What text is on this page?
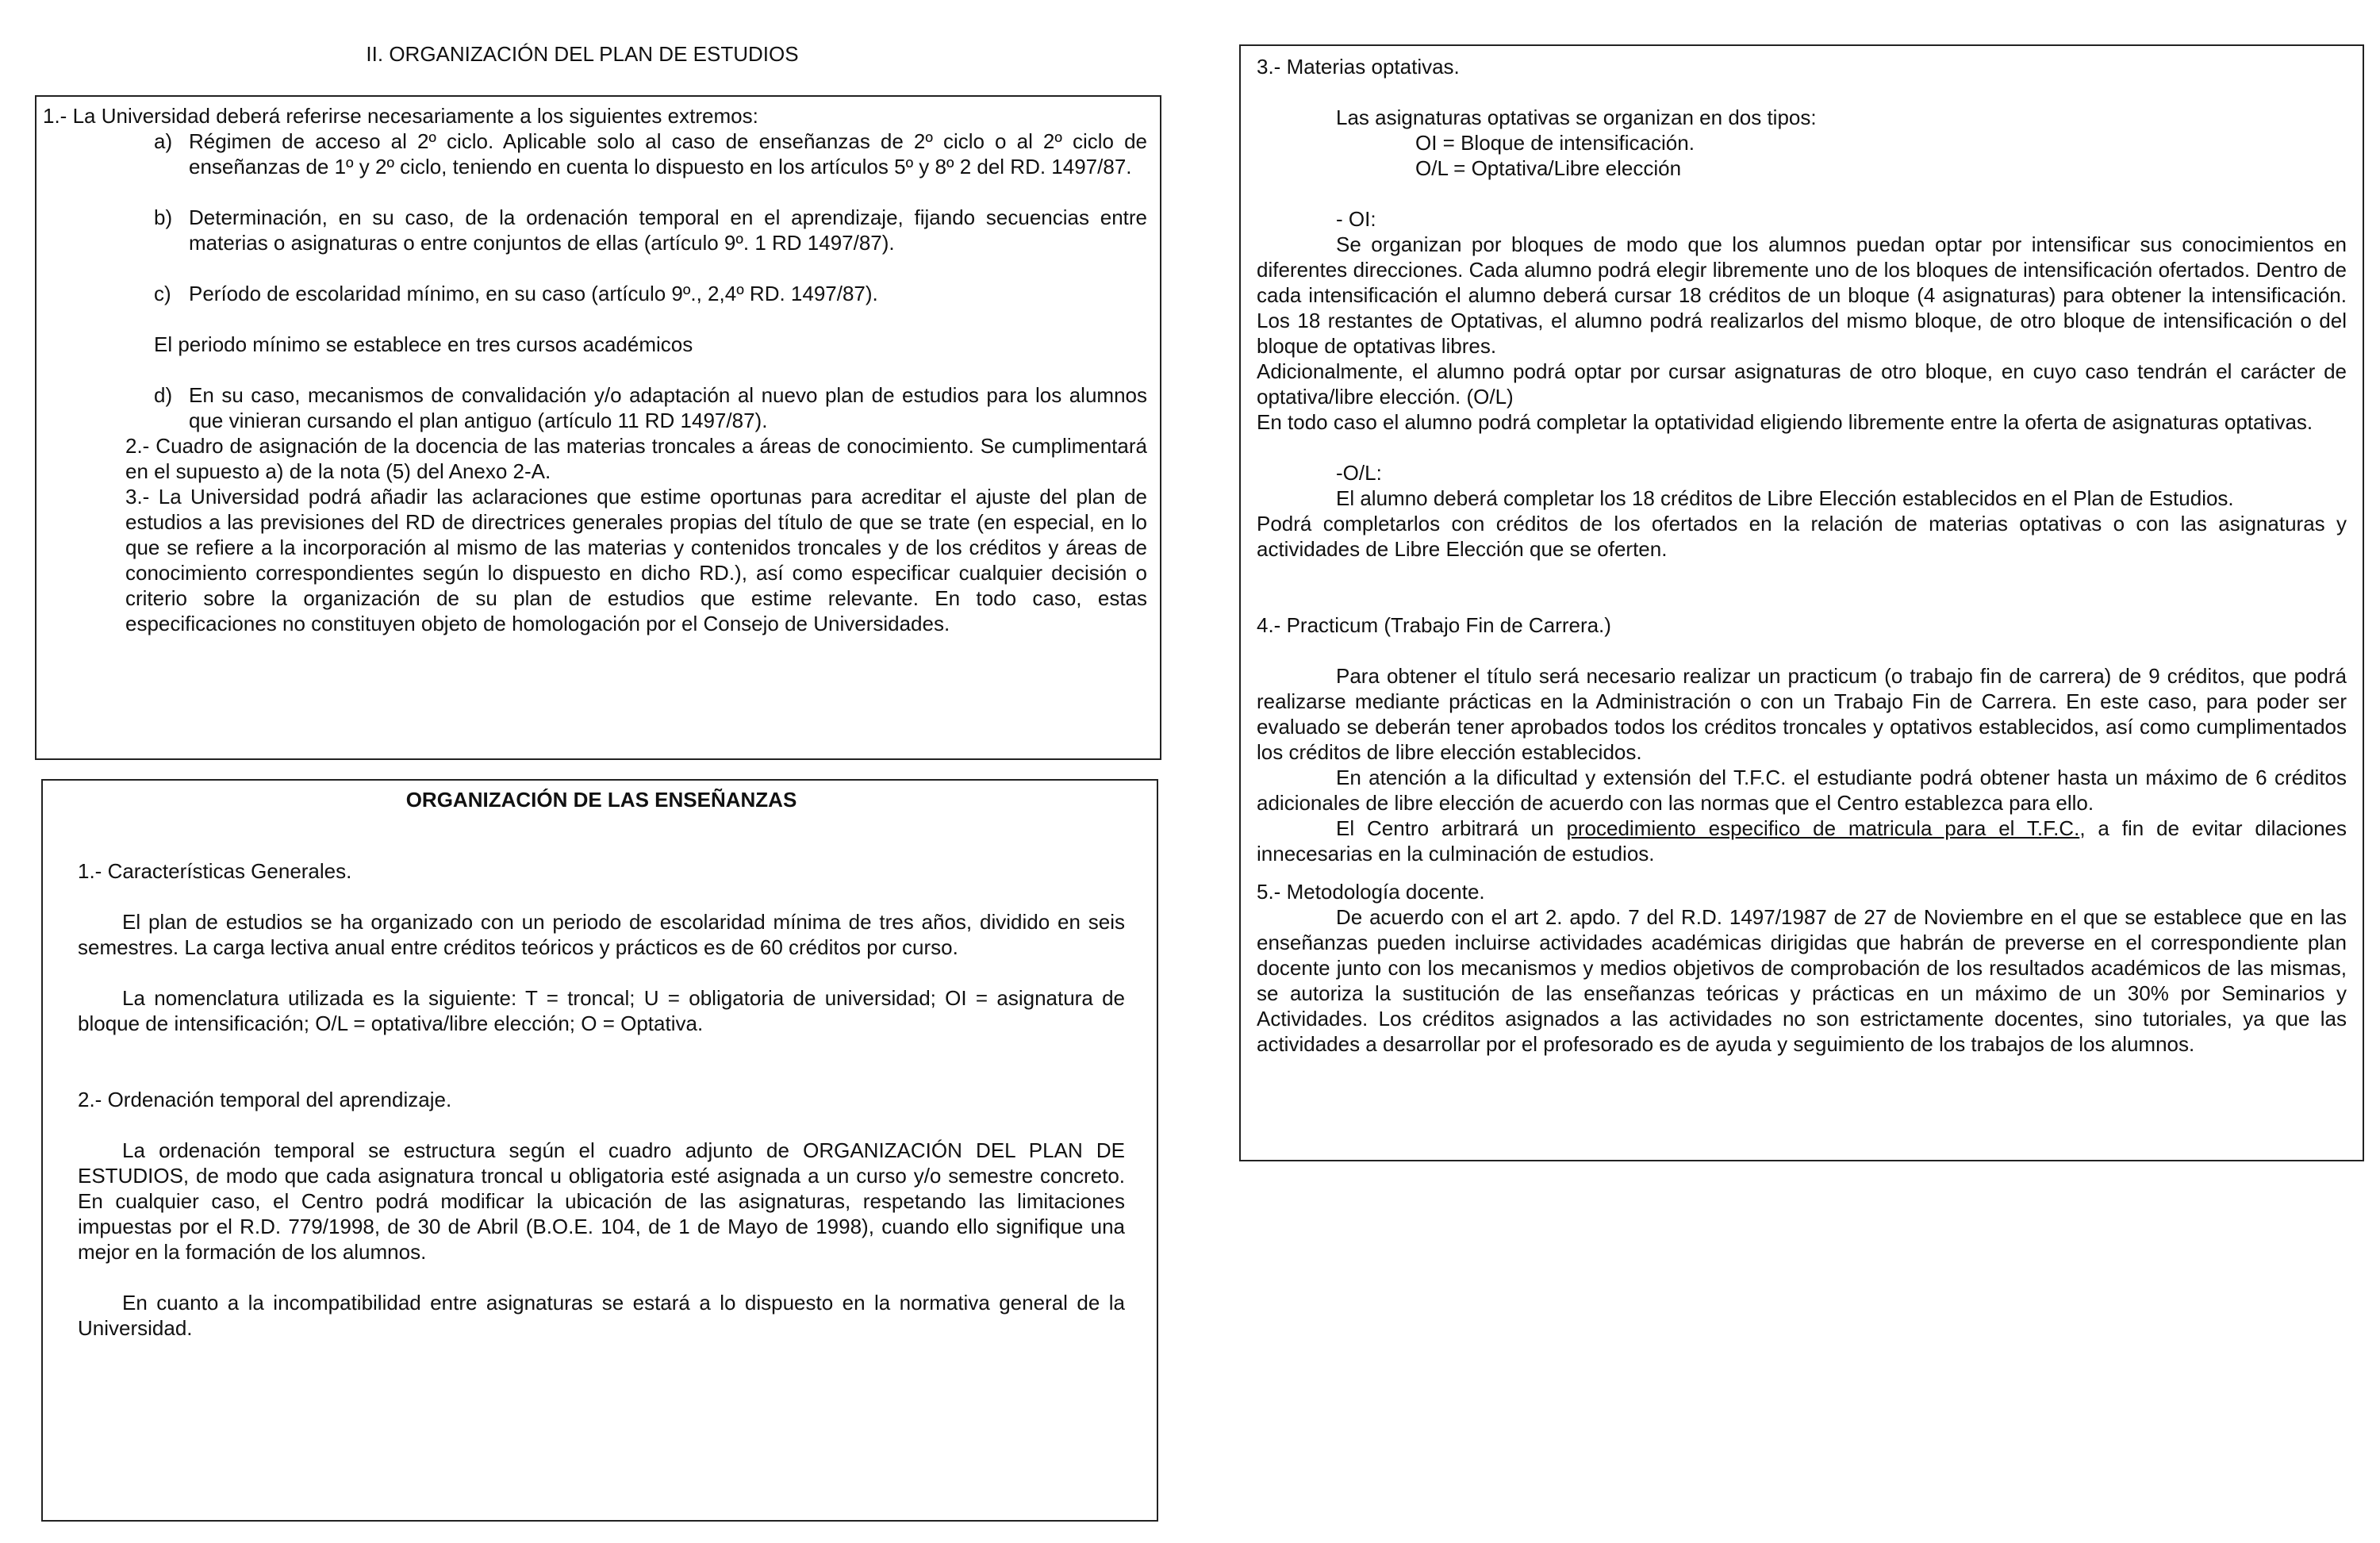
II. ORGANIZACIÓN DEL PLAN DE ESTUDIOS

1.- La Universidad deberá referirse necesariamente a los siguientes extremos:

a) Régimen de acceso al 2º ciclo. Aplicable solo al caso de enseñanzas de 2º ciclo o al 2º ciclo de enseñanzas de 1º y 2º ciclo, teniendo en cuenta lo dispuesto en los artículos 5º y 8º 2 del RD. 1497/87.
b) Determinación, en su caso, de la ordenación temporal en el aprendizaje, fijando secuencias entre materias o asignaturas o entre conjuntos de ellas (artículo 9º. 1 RD 1497/87).
c) Período de escolaridad mínimo, en su caso (artículo 9º., 2,4º RD. 1497/87).

El periodo mínimo se establece en tres cursos académicos

d) En su caso, mecanismos de convalidación y/o adaptación al nuevo plan de estudios para los alumnos que vinieran cursando el plan antiguo (artículo 11 RD 1497/87).

2.- Cuadro de asignación de la docencia de las materias troncales a áreas de conocimiento. Se cumplimentará en el supuesto a) de la nota (5) del Anexo 2-A.

3.- La Universidad podrá añadir las aclaraciones que estime oportunas para acreditar el ajuste del plan de estudios a las previsiones del RD de directrices generales propias del título de que se trate (en especial, en lo que se refiere a la incorporación al mismo de las materias y contenidos troncales y de los créditos y áreas de conocimiento correspondientes según lo dispuesto en dicho RD.), así como especificar cualquier decisión o criterio sobre la organización de su plan de estudios que estime relevante. En todo caso, estas especificaciones no constituyen objeto de homologación por el Consejo de Universidades.

ORGANIZACIÓN DE LAS ENSEÑANZAS

1.- Características Generales.

El plan de estudios se ha organizado con un periodo de escolaridad mínima de tres años, dividido en seis semestres. La carga lectiva anual entre créditos teóricos y prácticos es de 60 créditos por curso.

La nomenclatura utilizada es la siguiente: T = troncal; U = obligatoria de universidad; OI = asignatura de bloque de intensificación; O/L = optativa/libre elección; O = Optativa.

2.- Ordenación temporal del aprendizaje.

La ordenación temporal se estructura según el cuadro adjunto de ORGANIZACIÓN DEL PLAN DE ESTUDIOS, de modo que cada asignatura troncal u obligatoria esté asignada a un curso y/o semestre concreto. En cualquier caso, el Centro podrá modificar la ubicación de las asignaturas, respetando las limitaciones impuestas por el R.D. 779/1998, de 30 de Abril (B.O.E. 104, de 1 de Mayo de 1998), cuando ello signifique una mejor en la formación de los alumnos.

En cuanto a la incompatibilidad entre asignaturas se estará a lo dispuesto en la normativa general de la Universidad.

3.- Materias optativas.

Las asignaturas optativas se organizan en dos tipos:

OI = Bloque de intensificación.

O/L = Optativa/Libre elección

- OI:

Se organizan por bloques de modo que los alumnos puedan optar por intensificar sus conocimientos en diferentes direcciones. Cada alumno podrá elegir libremente uno de los bloques de intensificación ofertados. Dentro de cada intensificación el alumno deberá cursar 18 créditos de un bloque (4 asignaturas) para obtener la intensificación. Los 18 restantes de Optativas, el alumno podrá realizarlos del mismo bloque, de otro bloque de intensificación o del bloque de optativas libres.

Adicionalmente, el alumno podrá optar por cursar asignaturas de otro bloque, en cuyo caso tendrán el carácter de optativa/libre elección. (O/L)

En todo caso el alumno podrá completar la optatividad eligiendo libremente entre la oferta de asignaturas optativas.

-O/L:

El alumno deberá completar los 18 créditos de Libre Elección establecidos en el Plan de Estudios.

Podrá completarlos con créditos de los ofertados en la relación de materias optativas o con las asignaturas y actividades de Libre Elección que se oferten.

4.- Practicum (Trabajo Fin de Carrera.)

Para obtener el título será necesario realizar un practicum (o trabajo fin de carrera) de 9 créditos, que podrá realizarse mediante prácticas en la Administración o con un Trabajo Fin de Carrera. En este caso, para poder ser evaluado se deberán tener aprobados todos los créditos troncales y optativos establecidos, así como cumplimentados los créditos de libre elección establecidos.

En atención a la dificultad y extensión del T.F.C. el estudiante podrá obtener hasta un máximo de 6 créditos adicionales de libre elección de acuerdo con las normas que el Centro establezca para ello.

El Centro arbitrará un procedimiento especifico de matricula para el T.F.C., a fin de evitar dilaciones innecesarias en la culminación de estudios.

5.- Metodología docente.

De acuerdo con el art 2. apdo. 7 del R.D. 1497/1987 de 27 de Noviembre en el que se establece que en las enseñanzas pueden incluirse actividades académicas dirigidas que habrán de preverse en el correspondiente plan docente junto con los mecanismos y medios objetivos de comprobación de los resultados académicos de las mismas, se autoriza la sustitución de las enseñanzas teóricas y prácticas en un máximo de un 30% por Seminarios y Actividades. Los créditos asignados a las actividades no son estrictamente docentes, sino tutoriales, ya que las actividades a desarrollar por el profesorado es de ayuda y seguimiento de los trabajos de los alumnos.
